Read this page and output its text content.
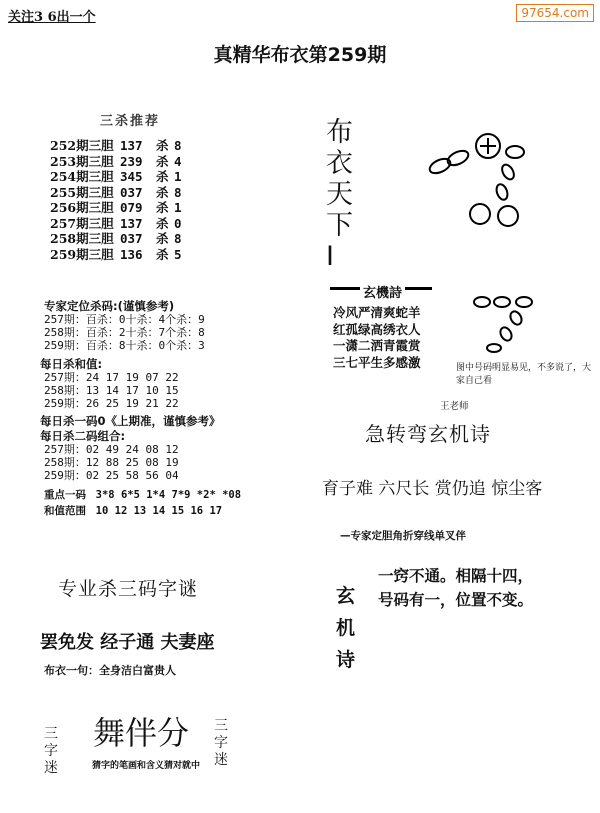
关注3 6出一个	97654.com
真精华布衣第259期
三杀推荐
252期三胆 137 杀 8
253期三胆 239 杀 4
254期三胆 345 杀 1
255期三胆 037 杀 8
256期三胆 079 杀 1
257期三胆 137 杀 0
258期三胆 037 杀 8
259期三胆 136 杀 5
专家定位杀码:(谨慎参考)
257期：百杀：0十杀：4个杀：9
258期：百杀：2十杀：7个杀：8
259期：百杀：8十杀：0个杀：3
每日杀和值:
257期：24 17 19 07 22
258期：13 14 17 10 15
259期：26 25 19 21 22
每日杀一码0《上期准，谨慎参考》
每日杀二码组合:
257期：02 49 24 08 12
258期：12 88 25 08 19
259期：02 25 58 56 04
重点一码 3*8 6*5 1*4 7*9 *2* *08
和值范围 10 12 13 14 15 16 17
布
衣
天
下
I
玄機詩
冷风严清爽蛇羊
红孤绿高绣衣人
一潇二洒青霞赏
三七平生多感激	图中号码明显易见，不多说了，大家自己看
王老师
急转弯玄机诗
育子难 六尺长 赏仍追 惊尘客
—专家定胆角折穿线单叉伴
玄
机
诗
一窍不通。相隔十四，
号码有一，位置不变。
专业杀三码字谜
罢免发 经子通 夫妻座
布衣一句：全身洁白富贵人
三
字
迷
舞伴分 三
字
迷
猜字的笔画和含义猜对就中
